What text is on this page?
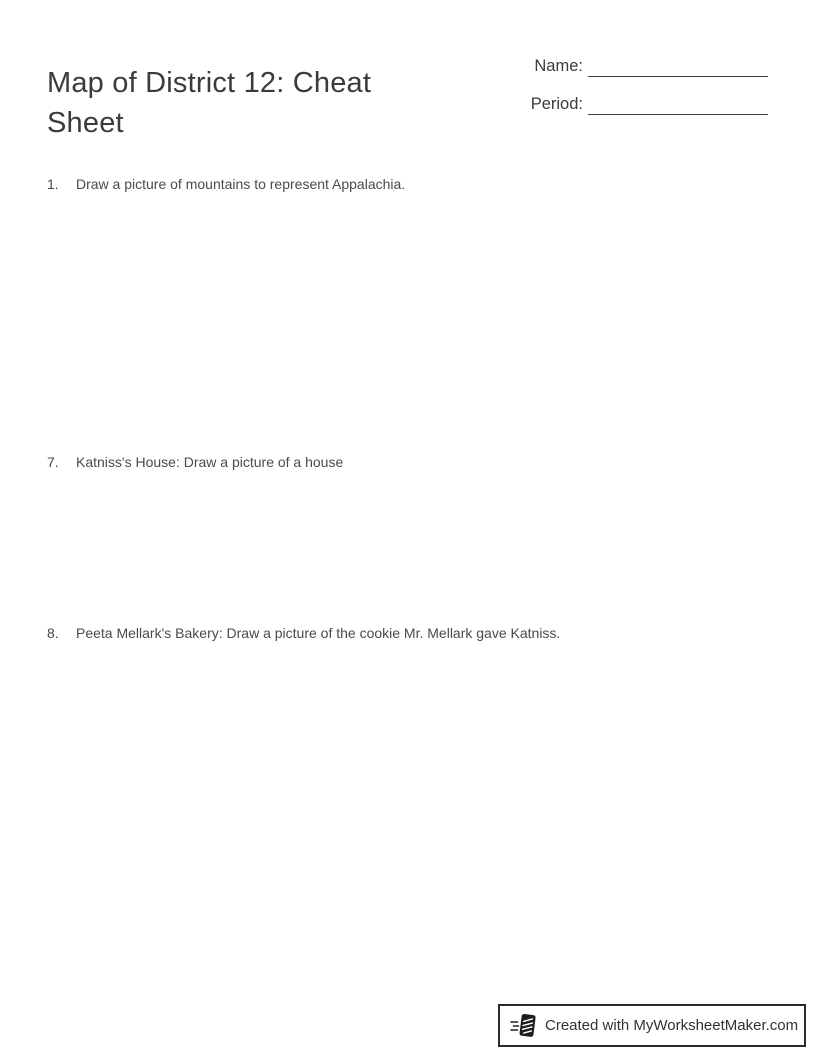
Map of District 12: Cheat Sheet
Name:
Period:
1.	Draw a picture of mountains to represent Appalachia.
7.	Katniss's House: Draw a picture of a house
8.	Peeta Mellark's Bakery: Draw a picture of the cookie Mr. Mellark gave Katniss.
Created with MyWorksheetMaker.com
